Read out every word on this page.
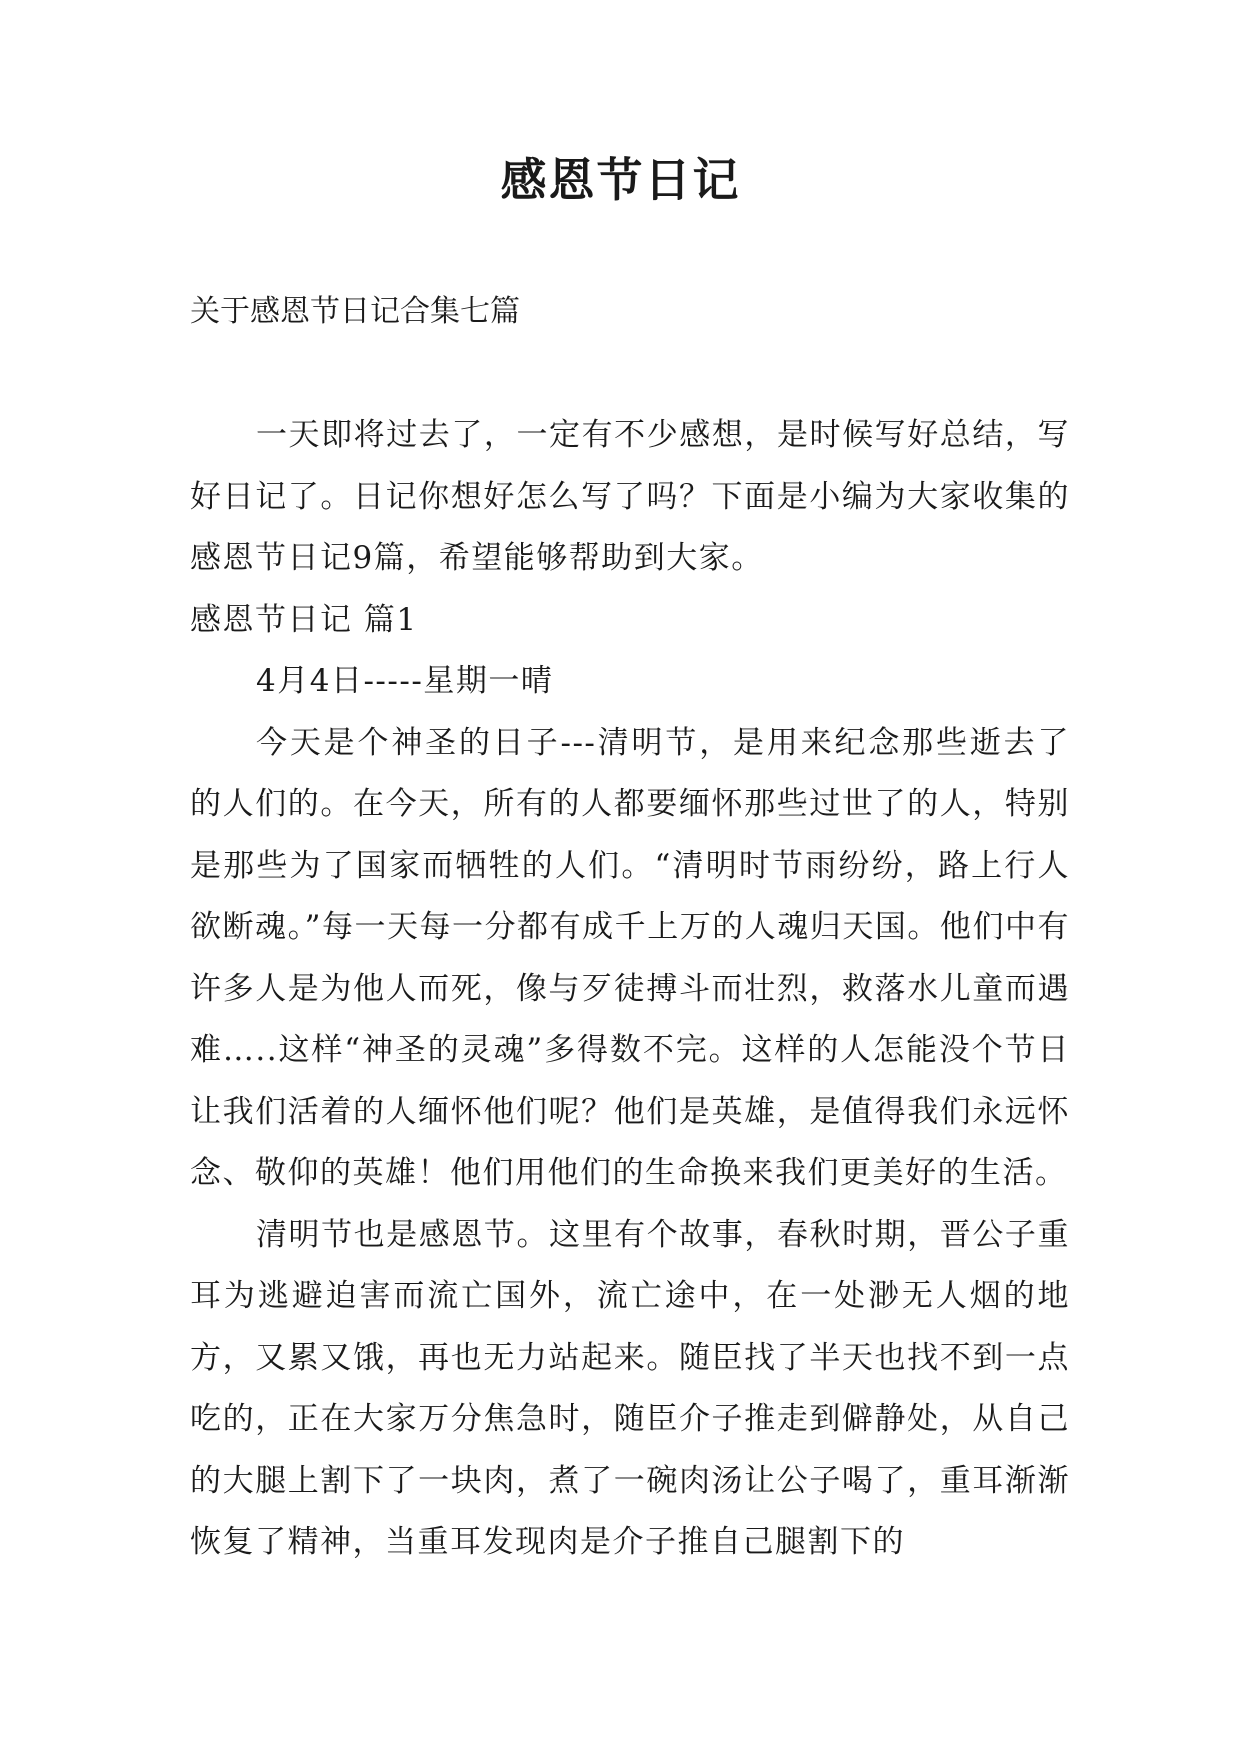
感恩节日记
关于感恩节日记合集七篇

一天即将过去了，一定有不少感想，是时候写好总结，写好日记了。日记你想好怎么写了吗？下面是小编为大家收集的感恩节日记9篇，希望能够帮助到大家。

感恩节日记 篇1

4月4日-----星期一晴

今天是个神圣的日子---清明节，是用来纪念那些逝去了的人们的。在今天，所有的人都要缅怀那些过世了的人，特别是那些为了国家而牺牲的人们。“清明时节雨纷纷，路上行人欲断魂。”每一天每一分都有成千上万的人魂归天国。他们中有许多人是为他人而死，像与歹徒搏斗而壮烈，救落水儿童而遇难…..这样“神圣的灵魂”多得数不完。这样的人怎能没个节日让我们活着的人缅怀他们呢？他们是英雄，是值得我们永远怀念、敬仰的英雄！他们用他们的生命换来我们更美好的生活。

清明节也是感恩节。这里有个故事，春秋时期，晋公子重耳为逃避迫害而流亡国外，流亡途中，在一处渺无人烟的地方，又累又饿，再也无力站起来。随臣找了半天也找不到一点吃的，正在大家万分焦急时，随臣介子推走到僻静处，从自己的大腿上割下了一块肉，煮了一碗肉汤让公子喝了，重耳渐渐恢复了精神，当重耳发现肉是介子推自己腿割下的
